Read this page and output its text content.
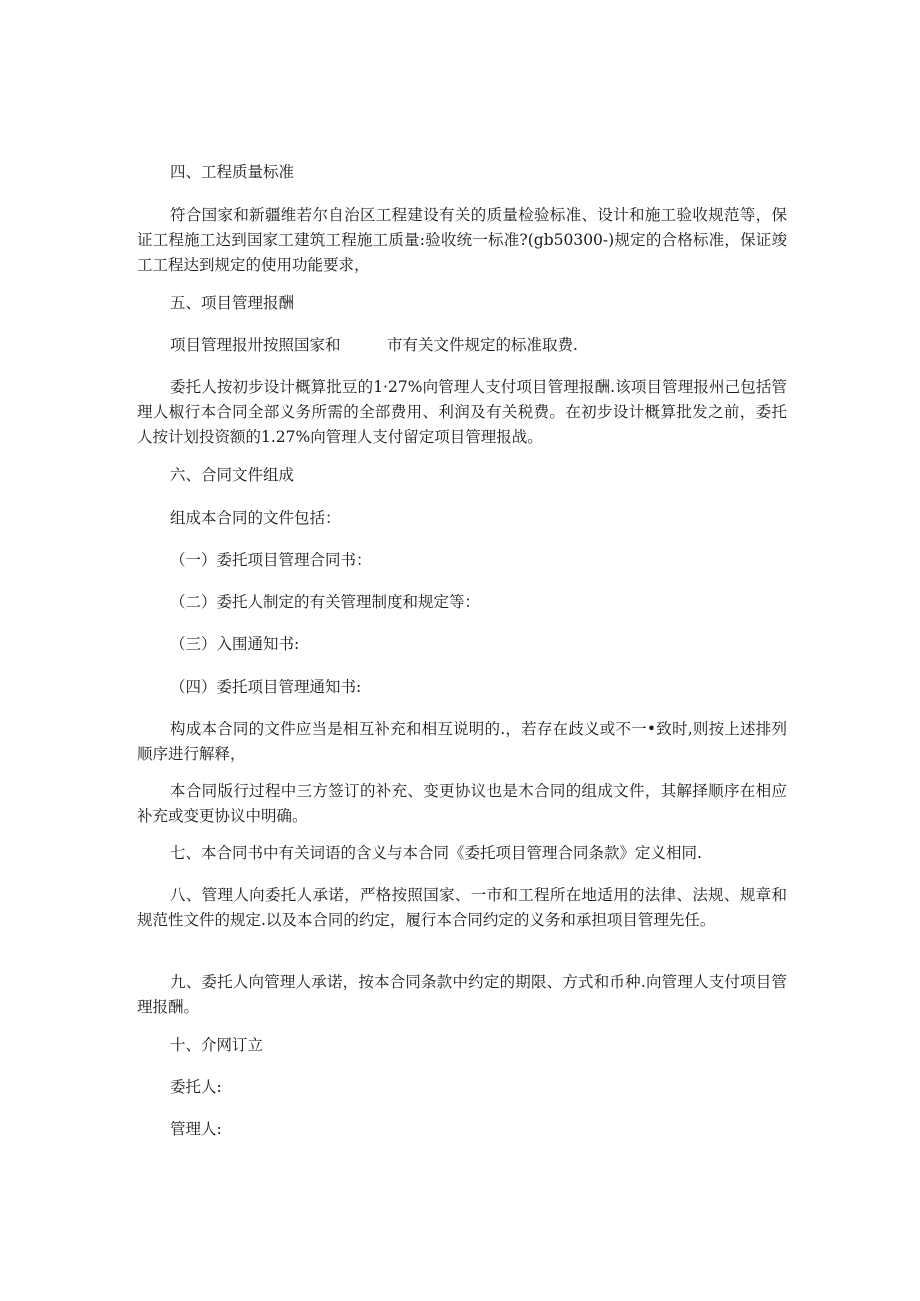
四、工程质量标准

符合国家和新疆维若尔自治区工程建设有关的质量检验标准、设计和施工验收规范等，保证工程施工达到国家工建筑工程施工质量:验收统一标准?(gb50300-)规定的合格标准，保证竣工工程达到规定的使用功能要求，

五、项目管理报酬

项目管理报卅按照国家和　　　市有关文件规定的标准取费.

委托人按初步设计概算批豆的1·27%向管理人支付项目管理报酬.该项目管理报州己包括管理人椒行本合同全部义务所需的全部费用、利润及有关税费。在初步设计概算批发之前，委托人按计划投资额的1.27%向管理人支付留定项目管理报战。

六、合同文件组成

组成本合同的文件包括：

（一）委托项目管理合同书：

（二）委托人制定的有关管理制度和规定等：

（三）入围通知书:

（四）委托项目管理通知书:

构成本合同的文件应当是相互补充和相互说明的.，若存在歧义或不一•致时,则按上述排列顺序进行解释，

本合同版行过程中三方签订的补充、变更协议也是木合同的组成文件，其解择顺序在相应补充或变更协议中明确。

七、本合同书中有关词语的含义与本合同《委托项目管理合同条款》定义相同.

八、管理人向委托人承诺，严格按照国家、一市和工程所在地适用的法律、法规、规章和规范性文件的规定.以及本合同的约定，履行本合同约定的义务和承担项目管理先任。

九、委托人向管理人承诺，按本合同条款中约定的期限、方式和币种.向管理人支付项目管理报酬。

十、介网订立

委托人:

管理人:
